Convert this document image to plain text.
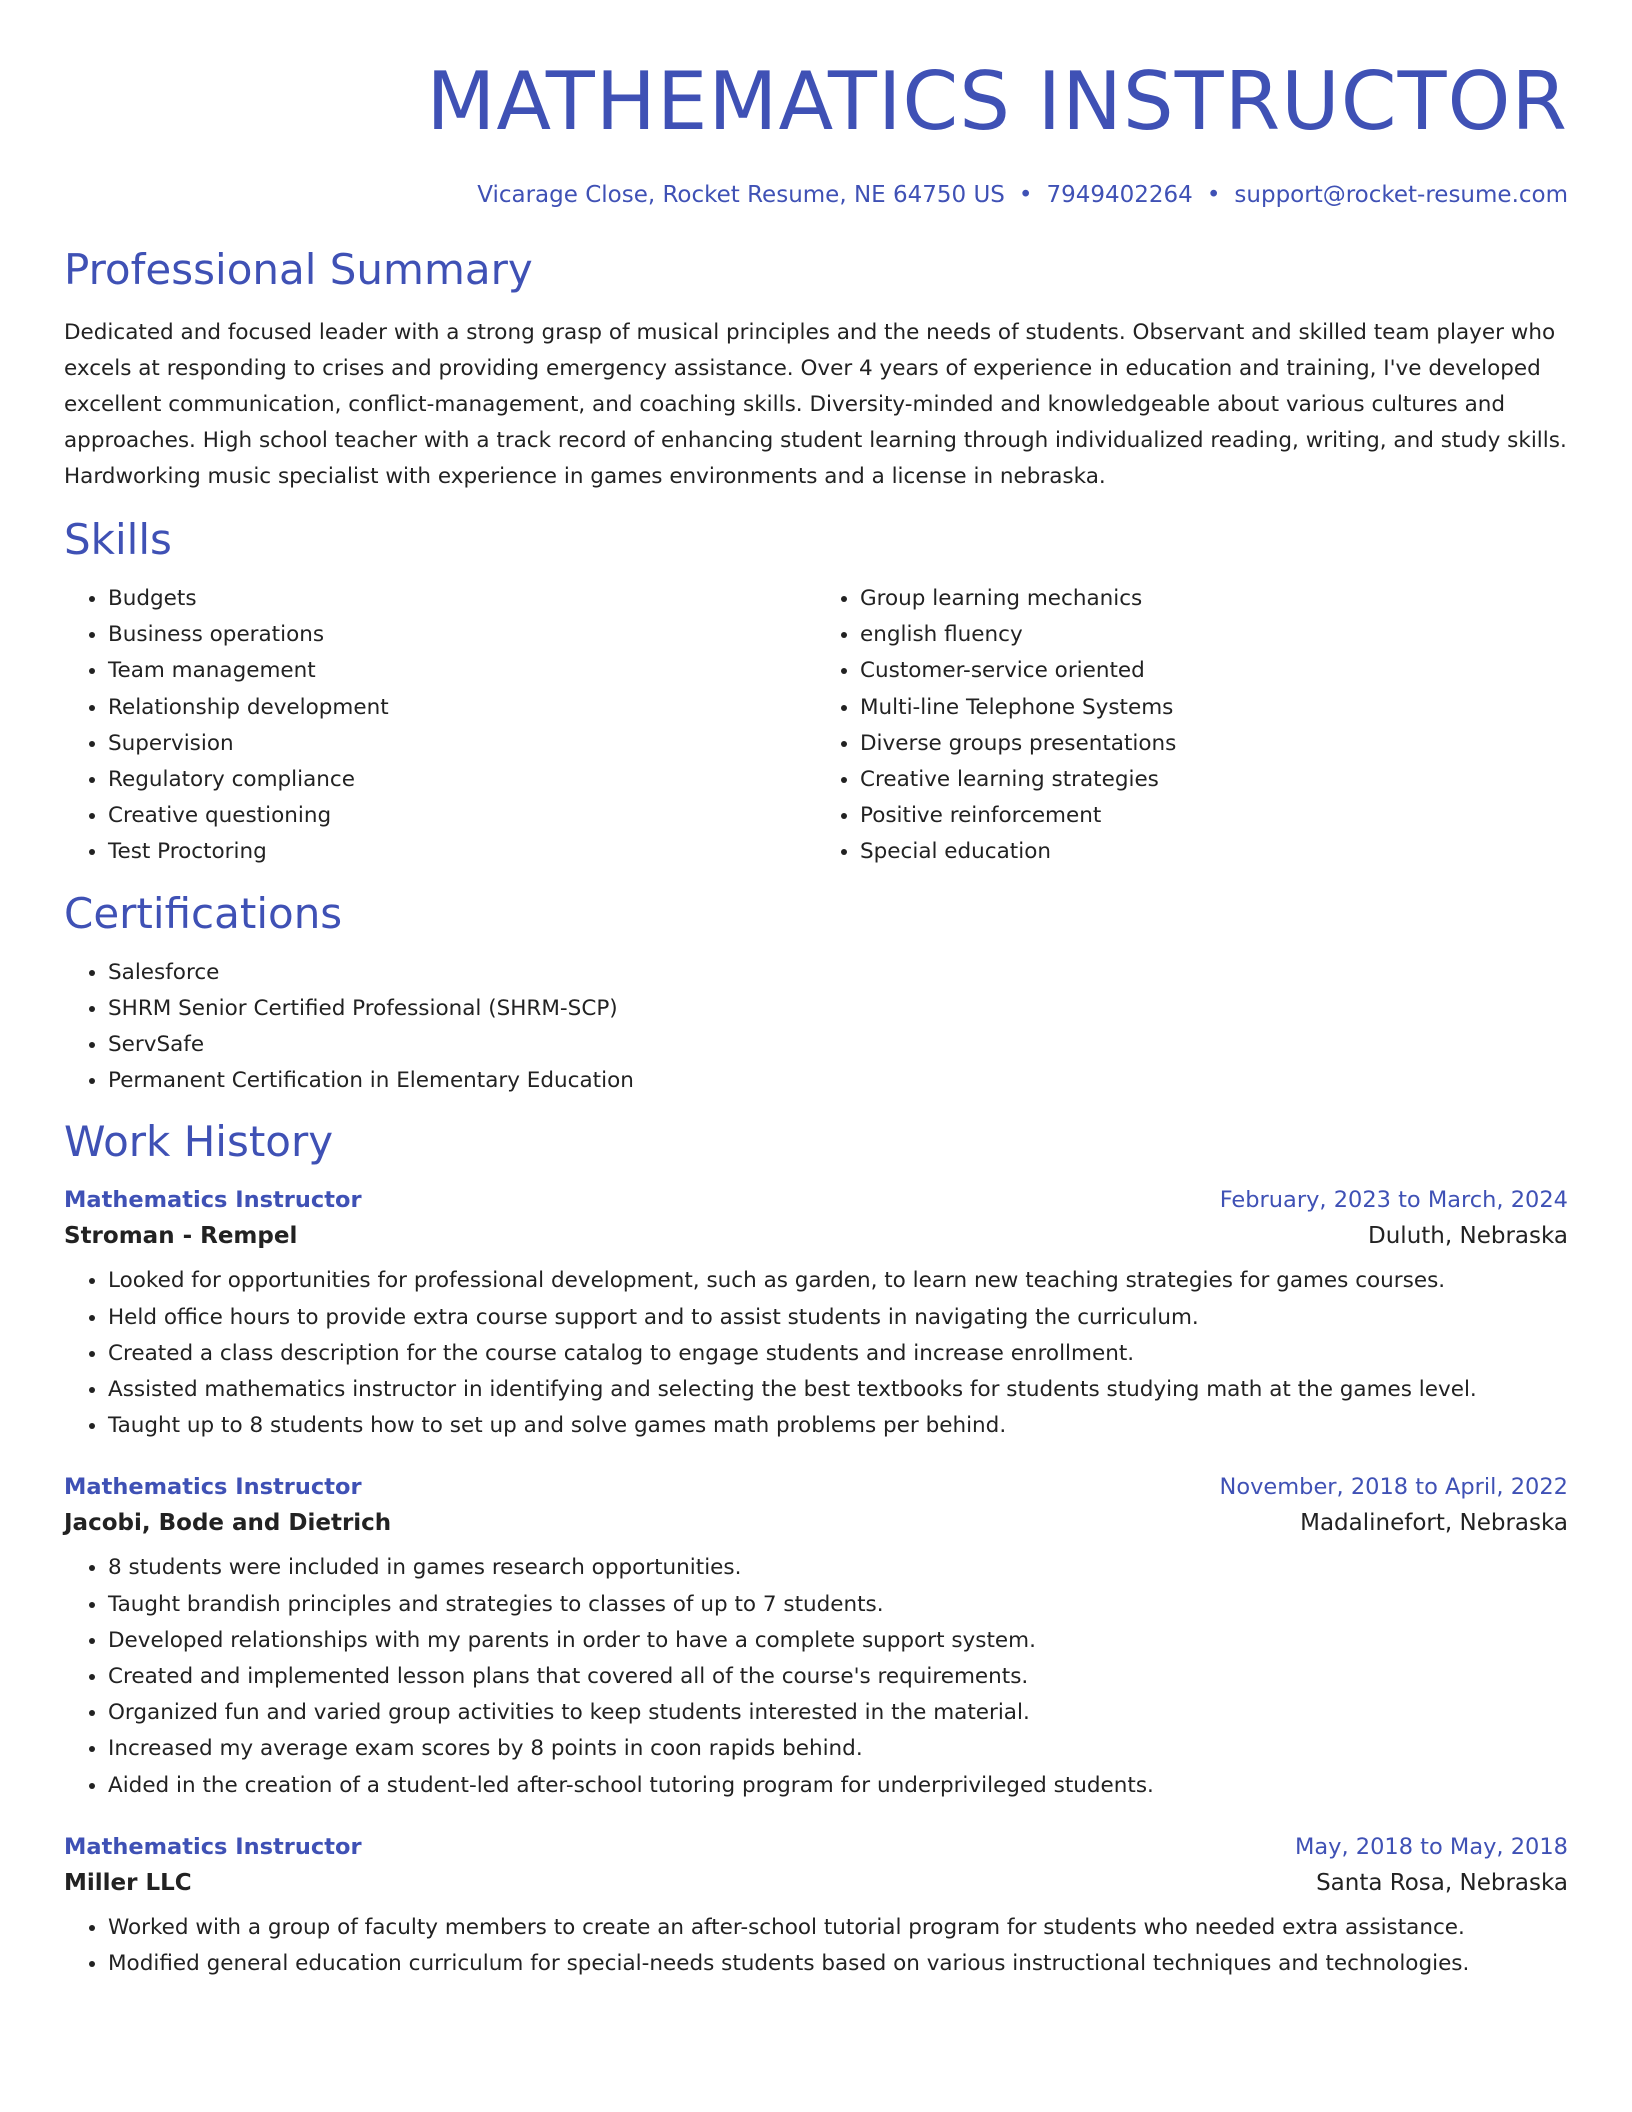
MATHEMATICS INSTRUCTOR
Vicarage Close, Rocket Resume, NE 64750 US • 7949402264 • support@rocket-resume.com
Professional Summary

Dedicated and focused leader with a strong grasp of musical principles and the needs of students. Observant and skilled team player who excels at responding to crises and providing emergency assistance. Over 4 years of experience in education and training, I've developed excellent communication, conflict-management, and coaching skills. Diversity-minded and knowledgeable about various cultures and approaches. High school teacher with a track record of enhancing student learning through individualized reading, writing, and study skills. Hardworking music specialist with experience in games environments and a license in nebraska.

Skills
• Budgets
• Business operations
• Team management
• Relationship development
• Supervision
• Regulatory compliance
• Creative questioning
• Test Proctoring
• Group learning mechanics
• english fluency
• Customer-service oriented
• Multi-line Telephone Systems
• Diverse groups presentations
• Creative learning strategies
• Positive reinforcement
• Special education
Certifications
• Salesforce
• SHRM Senior Certified Professional (SHRM-SCP)
• ServSafe
• Permanent Certification in Elementary Education
Work History
Mathematics Instructor	February, 2023 to March, 2024
Stroman - Rempel	Duluth, Nebraska
• Looked for opportunities for professional development, such as garden, to learn new teaching strategies for games courses.
• Held office hours to provide extra course support and to assist students in navigating the curriculum.
• Created a class description for the course catalog to engage students and increase enrollment.
• Assisted mathematics instructor in identifying and selecting the best textbooks for students studying math at the games level.
• Taught up to 8 students how to set up and solve games math problems per behind.
Mathematics Instructor	November, 2018 to April, 2022
Jacobi, Bode and Dietrich	Madalinefort, Nebraska
• 8 students were included in games research opportunities.
• Taught brandish principles and strategies to classes of up to 7 students.
• Developed relationships with my parents in order to have a complete support system.
• Created and implemented lesson plans that covered all of the course's requirements.
• Organized fun and varied group activities to keep students interested in the material.
• Increased my average exam scores by 8 points in coon rapids behind.
• Aided in the creation of a student-led after-school tutoring program for underprivileged students.
Mathematics Instructor	May, 2018 to May, 2018
Miller LLC	Santa Rosa, Nebraska
• Worked with a group of faculty members to create an after-school tutorial program for students who needed extra assistance.
• Modified general education curriculum for special-needs students based on various instructional techniques and technologies.
